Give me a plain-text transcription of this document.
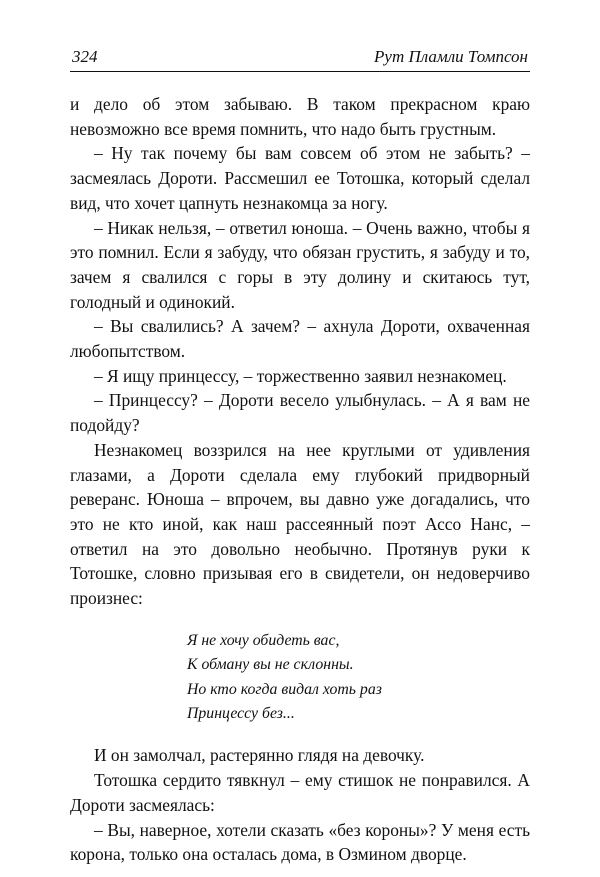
324	Рут Пламли Томпсон

и дело об этом забываю. В таком прекрасном краю невозможно все время помнить, что надо быть грустным.

– Ну так почему бы вам совсем об этом не забыть? – засмеялась Дороти. Рассмешил ее Тотошка, который сделал вид, что хочет цапнуть незнакомца за ногу.

– Никак нельзя, – ответил юноша. – Очень важно, чтобы я это помнил. Если я забуду, что обязан грустить, я забуду и то, зачем я свалился с горы в эту долину и скитаюсь тут, голодный и одинокий.

– Вы свалились? А зачем? – ахнула Дороти, охваченная любопытством.

– Я ищу принцессу, – торжественно заявил незнакомец.

– Принцессу? – Дороти весело улыбнулась. – А я вам не подойду?

Незнакомец воззрился на нее круглыми от удивления глазами, а Дороти сделала ему глубокий придворный реверанс. Юноша – впрочем, вы давно уже догадались, что это не кто иной, как наш рассеянный поэт Ассо Нанс, – ответил на это довольно необычно. Протянув руки к Тотошке, словно призывая его в свидетели, он недоверчиво произнес:

Я не хочу обидеть вас,
К обману вы не склонны.
Но кто когда видал хоть раз
Принцессу без...

И он замолчал, растерянно глядя на девочку.

Тотошка сердито тявкнул – ему стишок не понравился. А Дороти засмеялась:

– Вы, наверное, хотели сказать «без короны»? У меня есть корона, только она осталась дома, в Озмином дворце.
